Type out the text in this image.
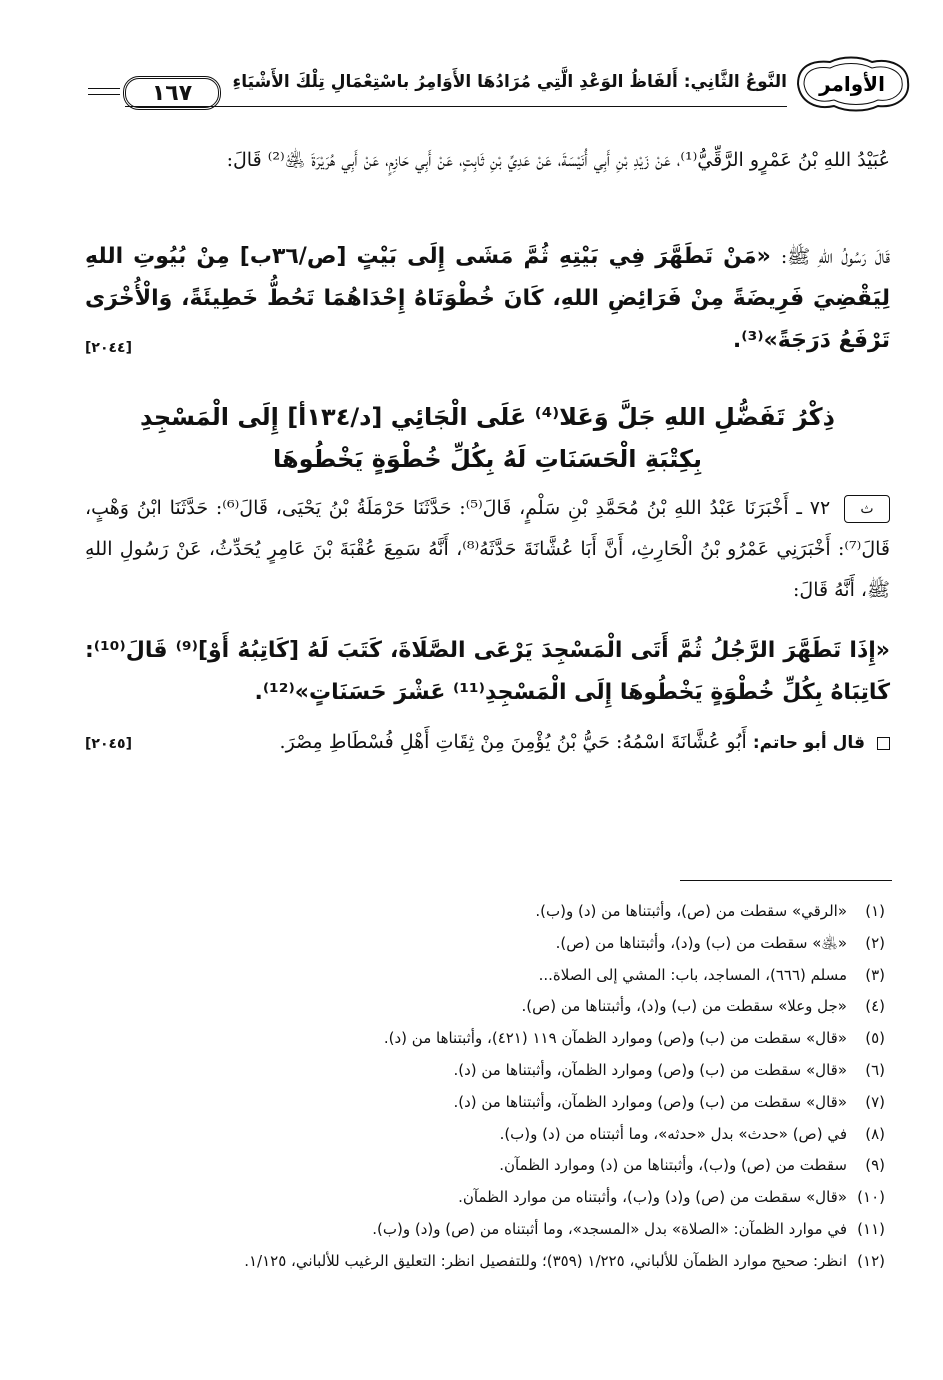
الأوامر
النَّوعُ الثَّانِي: أَلفَاظُ الوَعْدِ الَّتِي مُرَادُهَا الأَوَامِرُ باسْتِعْمَالِ تِلْكَ الأَشْيَاءِ
١٦٧
عُبَيْدُ اللهِ بْنُ عَمْرٍو الرَّقِّيُّ⁽¹⁾، عَنْ زَيْدِ بْنِ أَبِي أُنَيْسَةَ، عَنْ عَدِيِّ بْنِ ثَابِتٍ، عَنْ أَبِي حَازِمٍ، عَنْ أَبِي هُرَيْرَةَ ﵁⁽²⁾ قَالَ:
قَالَ رَسُولُ اللهِ ﷺ: «مَنْ تَطَهَّرَ فِي بَيْتِهِ ثُمَّ مَشَى إِلَى بَيْتٍ [ص/٣٦ب] مِنْ بُيُوتِ اللهِ لِيَقْضِيَ فَرِيضَةً مِنْ فَرَائِضِ اللهِ، كَانَ خُطْوَتَاهُ إِحْدَاهُمَا تَحُطُّ خَطِيئَةً، وَالْأُخْرَى تَرْفَعُ دَرَجَةً»⁽³⁾.
[٢٠٤٤]
ذِكْرُ تَفَضُّلِ اللهِ جَلَّ وَعَلا⁽⁴⁾ عَلَى الْجَائِي [د/١٣٤أ] إِلَى الْمَسْجِدِ
بِكِتْبَةِ الْحَسَنَاتِ لَهُ بِكُلِّ خُطْوَةٍ يَخْطُوهَا
ث ٧٢ ـ أَخْبَرَنَا عَبْدُ اللهِ بْنُ مُحَمَّدِ بْنِ سَلْمٍ، قَالَ⁽⁵⁾: حَدَّثَنَا حَرْمَلَةُ بْنُ يَحْيَى، قَالَ⁽⁶⁾: حَدَّثَنَا ابْنُ وَهْبٍ، قَالَ⁽⁷⁾: أَخْبَرَنِي عَمْرُو بْنُ الْحَارِثِ، أَنَّ أَبَا عُشَّانَةَ حَدَّثَهُ⁽⁸⁾، أَنَّهُ سَمِعَ عُقْبَةَ بْنَ عَامِرٍ يُحَدِّثُ، عَنْ رَسُولِ اللهِ ﷺ، أَنَّهُ قَالَ:
«إِذَا تَطَهَّرَ الرَّجُلُ ثُمَّ أَتَى الْمَسْجِدَ يَرْعَى الصَّلَاةَ، كَتَبَ لَهُ [كَاتِبُهُ أَوْ]⁽⁹⁾ قَالَ⁽¹⁰⁾: كَاتِبَاهُ بِكُلِّ خُطْوَةٍ يَخْطُوهَا إِلَى الْمَسْجِدِ⁽¹¹⁾ عَشْرَ حَسَنَاتٍ»⁽¹²⁾.
قال أبو حاتم: أَبُو عُشَّانَةَ اسْمُهُ: حَيُّ بْنُ يُؤْمِنَ مِنْ ثِقَاتِ أَهْلِ فُسْطَاطِ مِصْرَ.
[٢٠٤٥]
(١)«الرقي» سقطت من (ص)، وأثبتناها من (د) و(ب).
(٢)«﵁» سقطت من (ب) و(د)، وأثبتناها من (ص).
(٣)مسلم (٦٦٦)، المساجد، باب: المشي إلى الصلاة...
(٤)«جل وعلا» سقطت من (ب) و(د)، وأثبتناها من (ص).
(٥)«قال» سقطت من (ب) و(ص) وموارد الظمآن ١١٩ (٤٢١)، وأثبتناها من (د).
(٦)«قال» سقطت من (ب) و(ص) وموارد الظمآن، وأثبتناها من (د).
(٧)«قال» سقطت من (ب) و(ص) وموارد الظمآن، وأثبتناها من (د).
(٨)في (ص) «حدث» بدل «حدثه»، وما أثبتناه من (د) و(ب).
(٩)سقطت من (ص) و(ب)، وأثبتناها من (د) وموارد الظمآن.
(١٠)«قال» سقطت من (ص) و(د) و(ب)، وأثبتناه من موارد الظمآن.
(١١)في موارد الظمآن: «الصلاة» بدل «المسجد»، وما أثبتناه من (ص) و(د) و(ب).
(١٢)انظر: صحيح موارد الظمآن للألباني، ١/٢٢٥ (٣٥٩)؛ وللتفصيل انظر: التعليق الرغيب للألباني، ١/١٢٥.
